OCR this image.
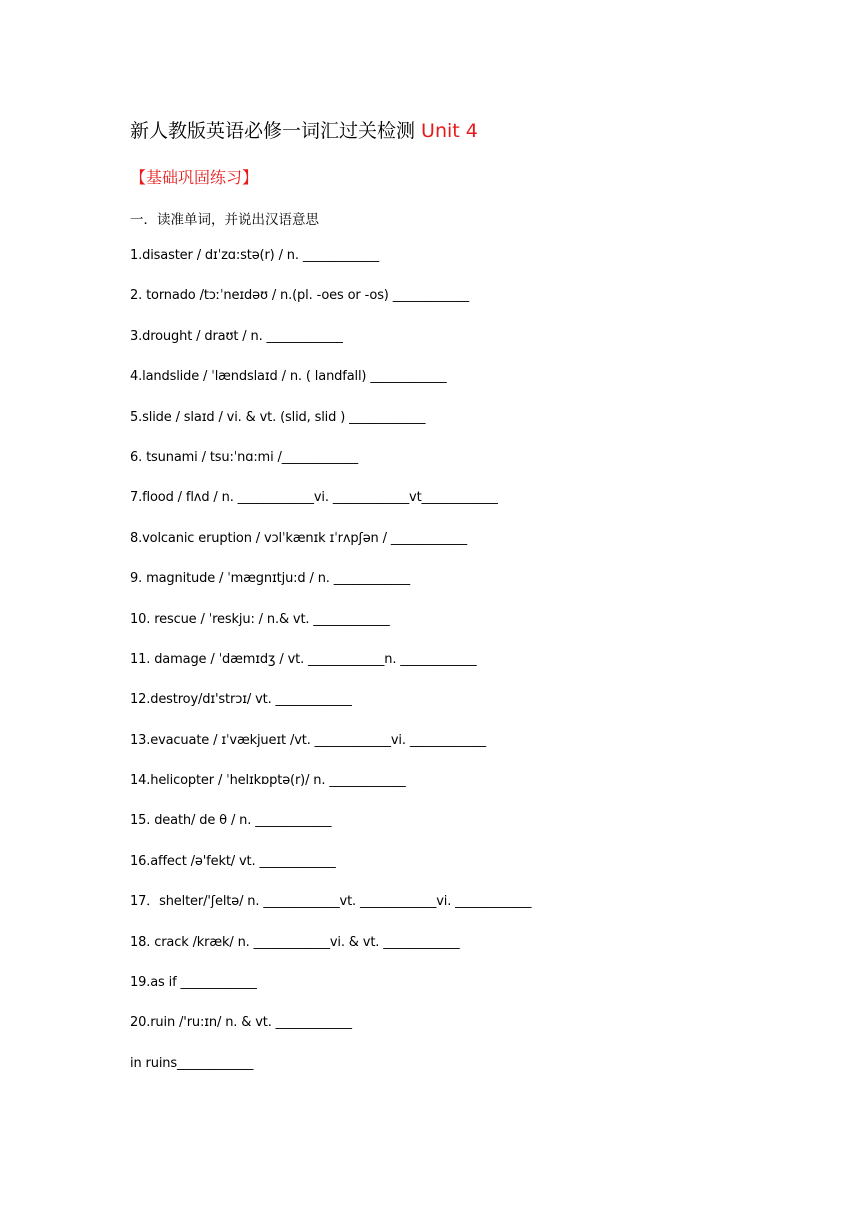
新人教版英语必修一词汇过关检测 Unit 4
【基础巩固练习】
一．读准单词，并说出汉语意思
1.disaster / dɪˈzɑ:stə(r) / n. ____________
2. tornado /tɔːˈneɪdəʊ / n.(pl. -oes or -os) ____________
3.drought / draʊt / n. ____________
4.landslide / ˈlændslaɪd / n. ( landfall) ____________
5.slide / slaɪd / vi. & vt. (slid, slid ) ____________
6. tsunami / tsu:ˈnɑ:mi /____________
7.flood / flʌd / n. ____________vi. ____________vt____________
8.volcanic eruption / vɔlˈkænɪk ɪˈrʌpʃən / ____________
9. magnitude / ˈmægnɪtju:d / n. ____________
10. rescue / ˈreskju: / n.& vt. ____________
11. damage / ˈdæmɪdʒ / vt. ____________n. ____________
12.destroy/dɪ'strɔɪ/ vt. ____________
13.evacuate / ɪˈvækjueɪt /vt. ____________vi. ____________
14.helicopter / ˈhelɪkɒptə(r)/ n. ____________
15. death/ de θ / n. ____________
16.affect /ə'fekt/ vt. ____________
17．shelter/'ʃeltə/ n. ____________vt. ____________vi. ____________
18. crack /kræk/ n. ____________vi. & vt. ____________
19.as if ____________
20.ruin /'ru:ɪn/ n. & vt. ____________
in ruins____________
